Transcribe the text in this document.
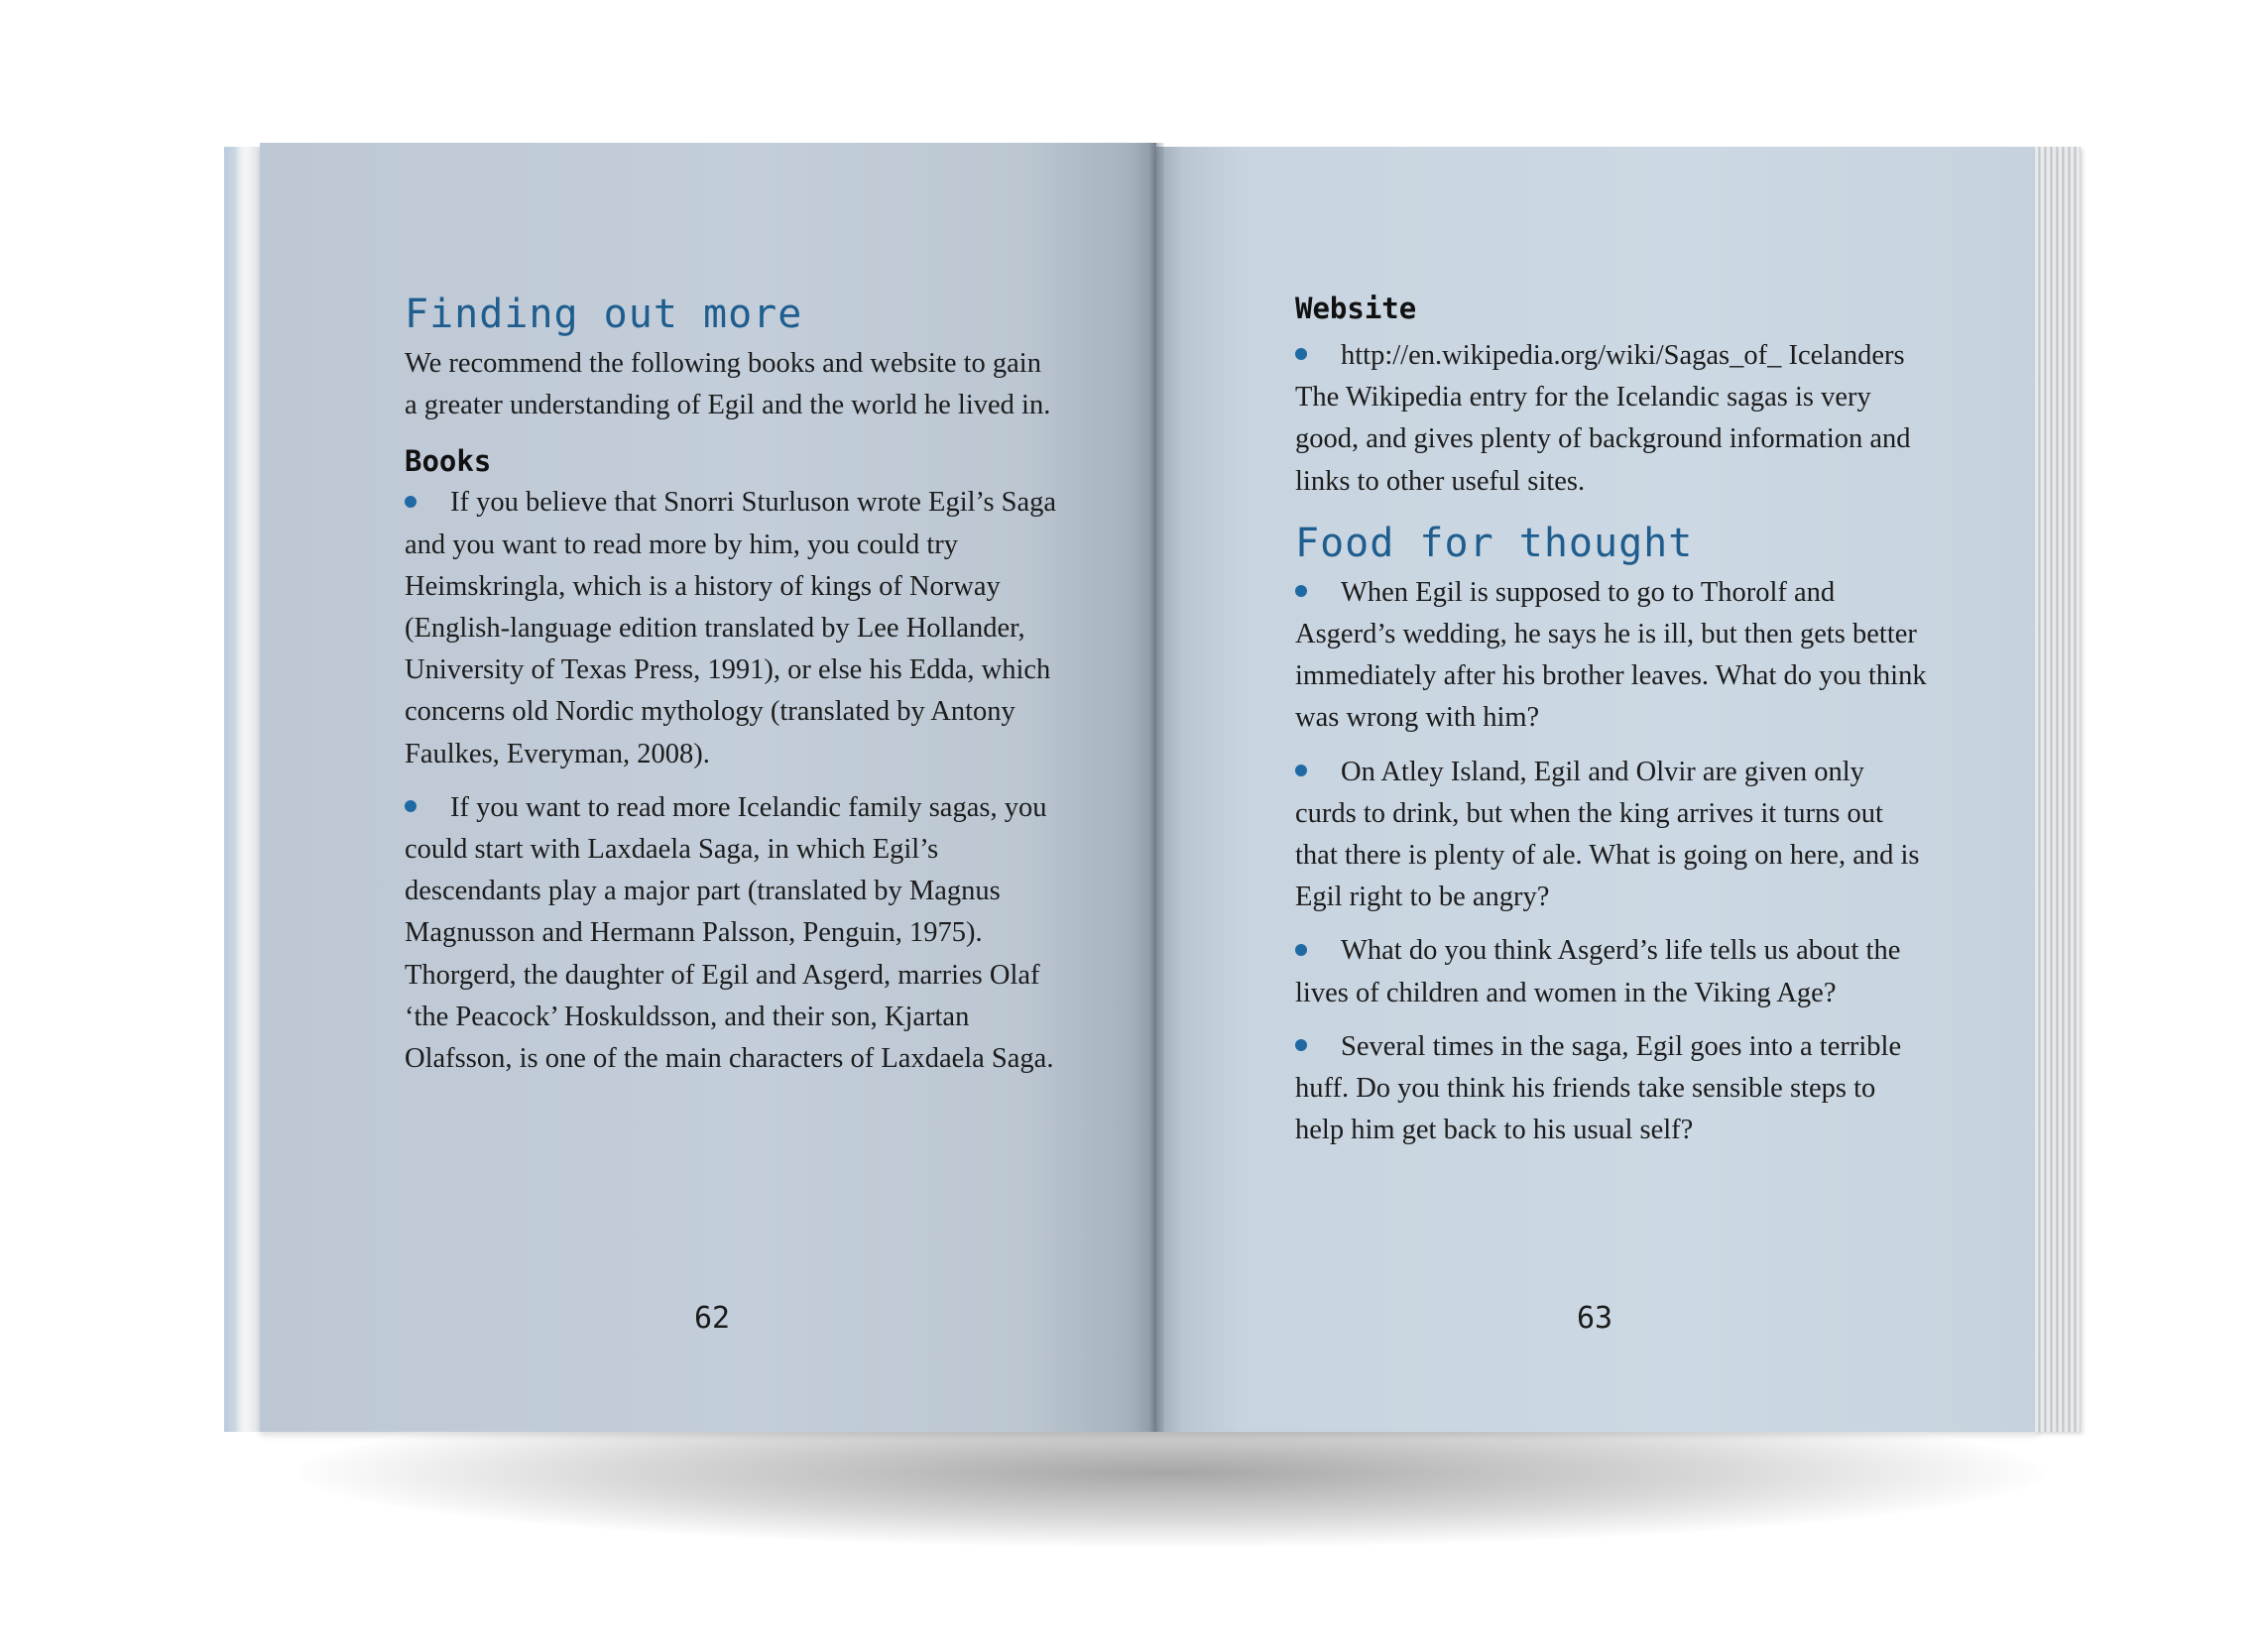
Finding out more

We recommend the following books and website to gain a greater understanding of Egil and the world he lived in.

Books
If you believe that Snorri Sturluson wrote Egil’s Saga and you want to read more by him, you could try Heimskringla, which is a history of kings of Norway (English-language edition translated by Lee Hollander, University of Texas Press, 1991), or else his Edda, which concerns old Nordic mythology (translated by Antony Faulkes, Everyman, 2008).
If you want to read more Icelandic family sagas, you could start with Laxdaela Saga, in which Egil’s descendants play a major part (translated by Magnus Magnusson and Hermann Palsson, Penguin, 1975). Thorgerd, the daughter of Egil and Asgerd, marries Olaf ‘the Peacock’ Hoskuldsson, and their son, Kjartan Olafsson, is one of the main characters of Laxdaela Saga.
Website
http://en.wikipedia.org/wiki/Sagas_of_ Icelanders

The Wikipedia entry for the Icelandic sagas is very good, and gives plenty of background information and links to other useful sites.

Food for thought
When Egil is supposed to go to Thorolf and Asgerd’s wedding, he says he is ill, but then gets better immediately after his brother leaves. What do you think was wrong with him?
On Atley Island, Egil and Olvir are given only curds to drink, but when the king arrives it turns out that there is plenty of ale. What is going on here, and is Egil right to be angry?
What do you think Asgerd’s life tells us about the lives of children and women in the Viking Age?
Several times in the saga, Egil goes into a terrible huff. Do you think his friends take sensible steps to help him get back to his usual self?
62	63
